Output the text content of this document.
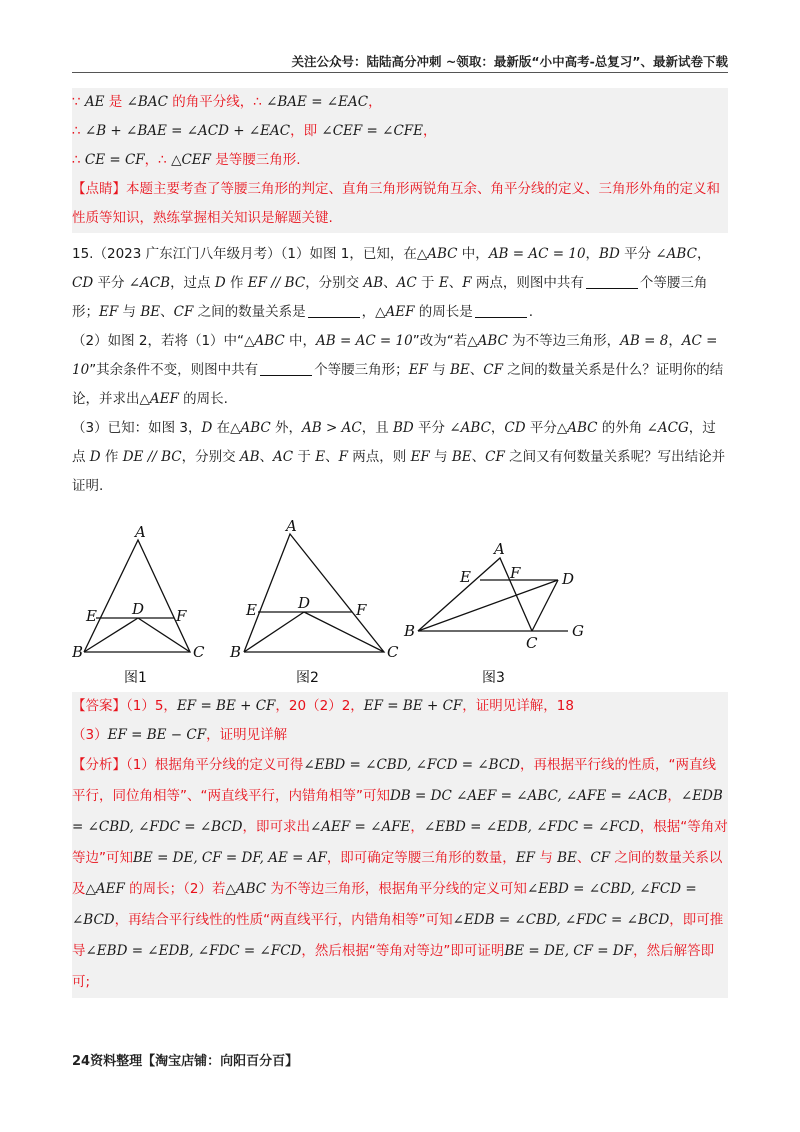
关注公众号：陆陆高分冲刺 ~领取：最新版“小中高考-总复习”、最新试卷下载
∵ AE 是 ∠BAC 的角平分线，∴ ∠BAE = ∠EAC，
∴ ∠B + ∠BAE = ∠ACD + ∠EAC，即 ∠CEF = ∠CFE，
∴ CE = CF，∴ △CEF 是等腰三角形.
【点睛】本题主要考查了等腰三角形的判定、直角三角形两锐角互余、角平分线的定义、三角形外角的定义和性质等知识，熟练掌握相关知识是解题关键.
15.（2023 广东江门八年级月考）（1）如图 1，已知，在△ABC 中，AB = AC = 10，BD 平分 ∠ABC，CD 平分 ∠ACB，过点 D 作 EF // BC，分别交 AB、AC 于 E、F 两点，则图中共有	个等腰三角形；EF 与 BE、CF 之间的数量关系是	，△AEF 的周长是	.
（2）如图 2，若将（1）中“△ABC 中，AB = AC = 10”改为“若△ABC 为不等边三角形，AB = 8，AC = 10”其余条件不变，则图中共有	个等腰三角形；EF 与 BE、CF 之间的数量关系是什么？证明你的结论，并求出△AEF 的周长.
（3）已知：如图 3，D 在△ABC 外，AB > AC，且 BD 平分 ∠ABC，CD 平分△ABC 的外角 ∠ACG，过点 D 作 DE // BC，分别交 AB、AC 于 E、F 两点，则 EF 与 BE、CF 之间又有何数量关系呢？写出结论并证明.
A
B	C
D
E	F
图1
A
B	C
D
E	F
图2
A
B
C
D
E	F
G
图3
【答案】（1）5，EF = BE + CF，20（2）2，EF = BE + CF，证明见详解，18
（3）EF = BE − CF，证明见详解
【分析】（1）根据角平分线的定义可得∠EBD = ∠CBD, ∠FCD = ∠BCD，再根据平行线的性质，“两直线平行，同位角相等”、“两直线平行，内错角相等”可知DB = DC ∠AEF = ∠ABC, ∠AFE = ∠ACB，∠EDB = ∠CBD, ∠FDC = ∠BCD，即可求出∠AEF = ∠AFE，∠EBD = ∠EDB, ∠FDC = ∠FCD，根据“等角对等边”可知BE = DE, CF = DF, AE = AF，即可确定等腰三角形的数量，EF 与 BE、CF 之间的数量关系以及△AEF 的周长；（2）若△ABC 为不等边三角形，根据角平分线的定义可知∠EBD = ∠CBD, ∠FCD = ∠BCD，再结合平行线性的性质“两直线平行，内错角相等”可知∠EDB = ∠CBD, ∠FDC = ∠BCD，即可推导∠EBD = ∠EDB, ∠FDC = ∠FCD，然后根据“等角对等边”即可证明BE = DE, CF = DF，然后解答即可;
24资料整理【淘宝店铺：向阳百分百】
